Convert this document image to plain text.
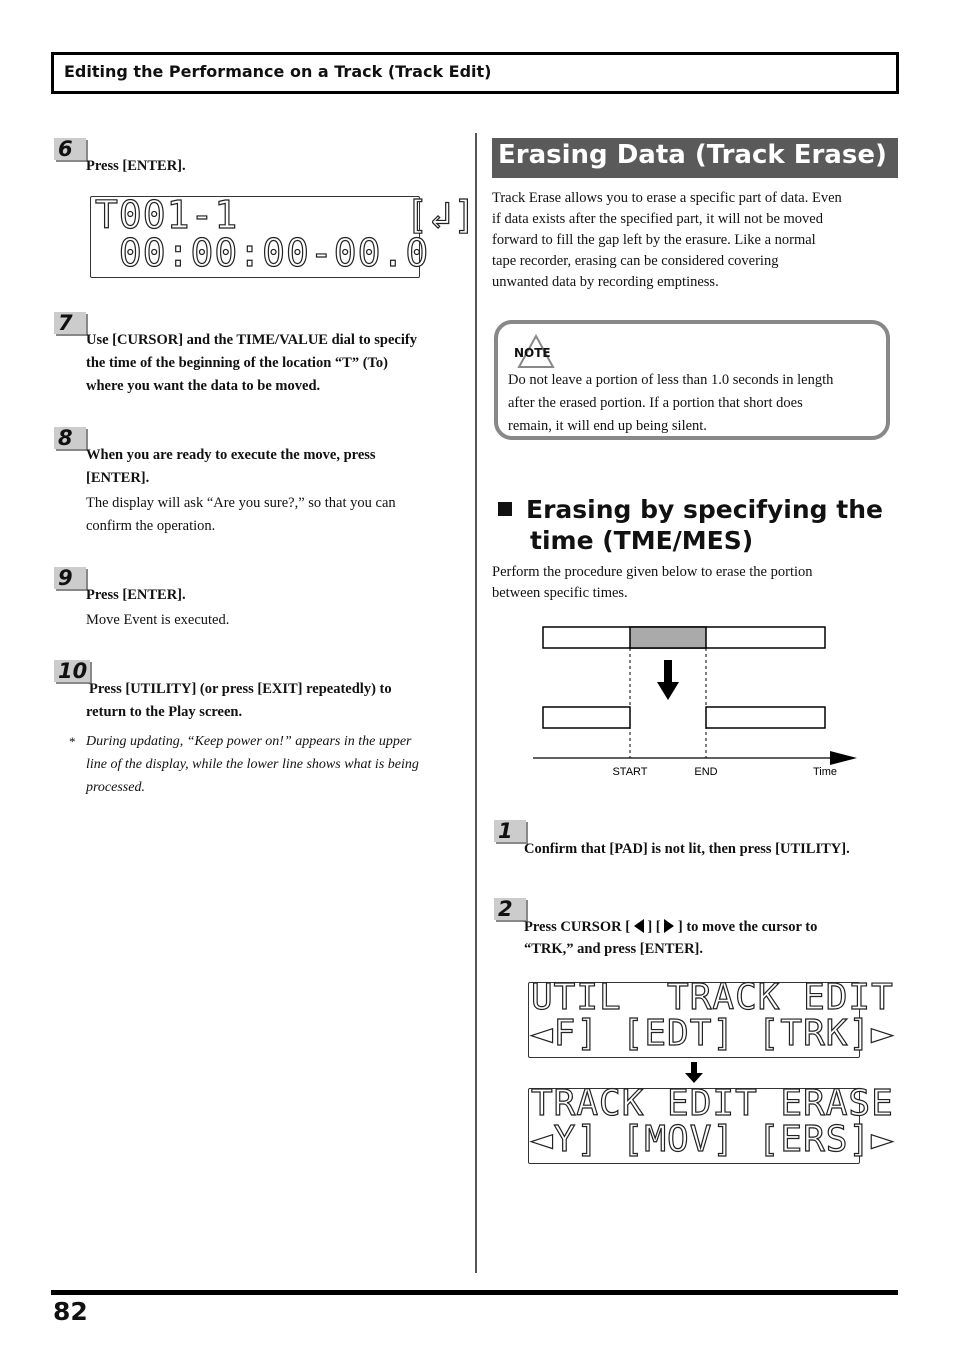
Editing the Performance on a Track (Track Edit)
6
Press [ENTER].
T001-1       [↲]
00:00:00-00.0
7
Use [CURSOR] and the TIME/VALUE dial to specify
the time of the beginning of the location “T” (To)
where you want the data to be moved.
8
When you are ready to execute the move, press
[ENTER].
The display will ask “Are you sure?,” so that you can
confirm the operation.
9
Press [ENTER].
Move Event is executed.
10
Press [UTILITY] (or press [EXIT] repeatedly) to
return to the Play screen.
* During updating, “Keep power on!” appears in the upper
line of the display, while the lower line shows what is being
processed.
Erasing Data (Track Erase)
Track Erase allows you to erase a specific part of data. Even
if data exists after the specified part, it will not be moved
forward to fill the gap left by the erasure. Like a normal
tape recorder, erasing can be considered covering
unwanted data by recording emptiness.
NOTE
Do not leave a portion of less than 1.0 seconds in length
after the erased portion. If a portion that short does
remain, it will end up being silent.
Erasing by specifying the
time (TME/MES)
Perform the procedure given below to erase the portion
between specific times.
START	END	Time
1
Confirm that [PAD] is not lit, then press [UTILITY].
2
Press CURSOR [ ] [ ] to move the cursor to
“TRK,” and press [ENTER].
UTIL  TRACK EDIT
◄F] [EDT] [TRK]►
TRACK EDIT ERASE
◄Y] [MOV] [ERS]►
82
